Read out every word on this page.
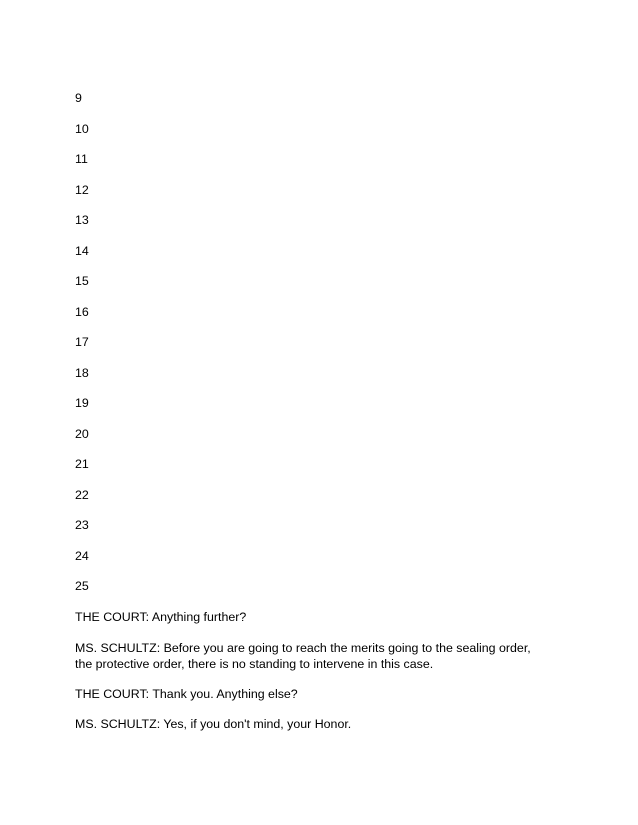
9
10
11
12
13
14
15
16
17
18
19
20
21
22
23
24
25
THE COURT: Anything further?
MS. SCHULTZ: Before you are going to reach the merits going to the sealing order, the protective order, there is no standing to intervene in this case.
THE COURT: Thank you. Anything else?
MS. SCHULTZ: Yes, if you don't mind, your Honor.
